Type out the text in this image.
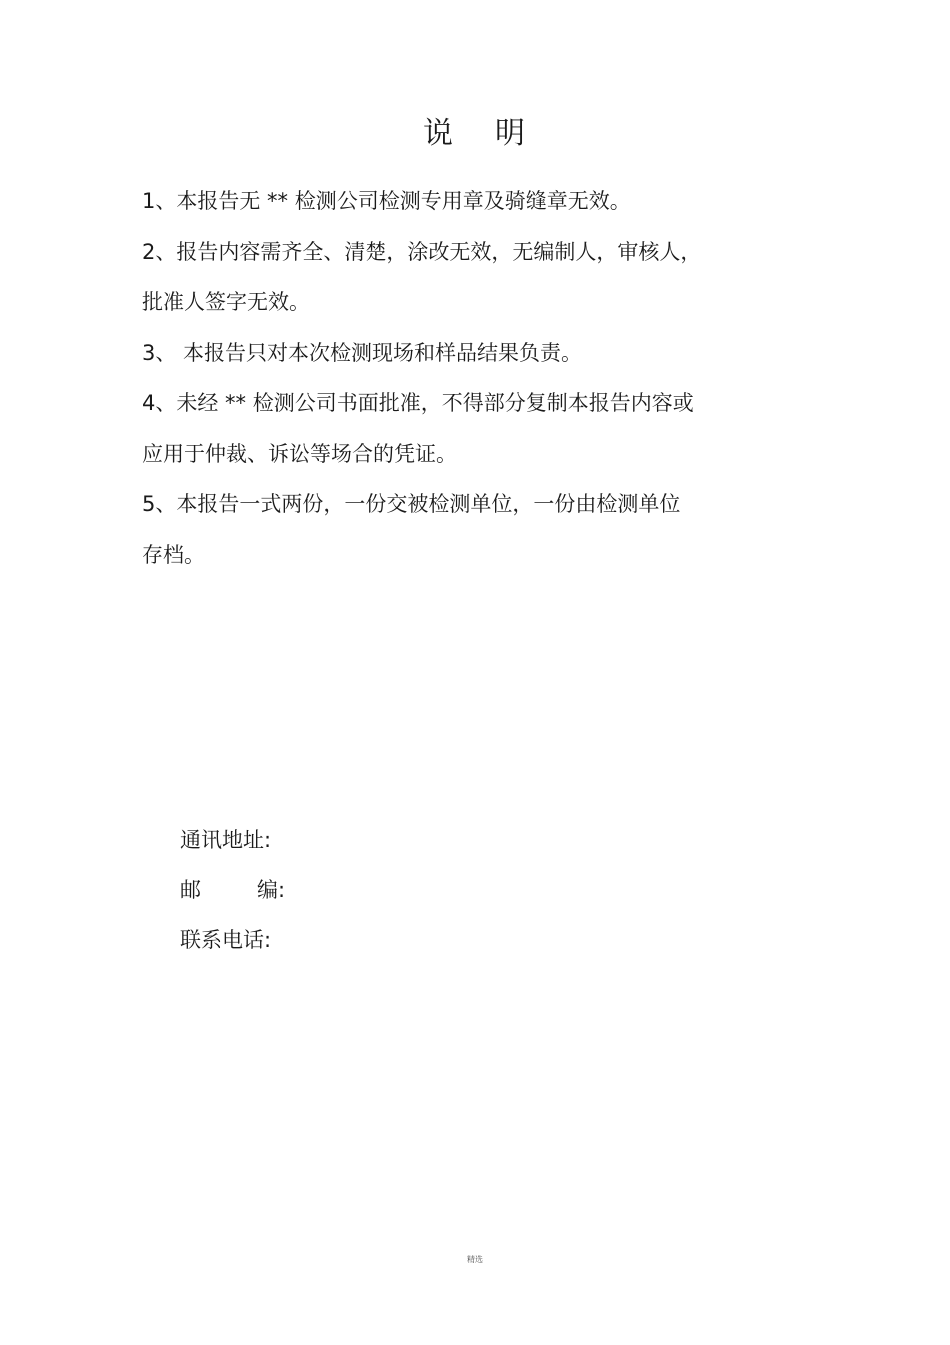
说 明

1、本报告无 ** 检测公司检测专用章及骑缝章无效。

2、报告内容需齐全、清楚，涂改无效，无编制人，审核人，

批准人签字无效。

3、 本报告只对本次检测现场和样品结果负责。

4、未经 ** 检测公司书面批准，不得部分复制本报告内容或

应用于仲裁、诉讼等场合的凭证。

5、本报告一式两份，一份交被检测单位，一份由检测单位

存档。

通讯地址:

邮	编:

联系电话:

精选
